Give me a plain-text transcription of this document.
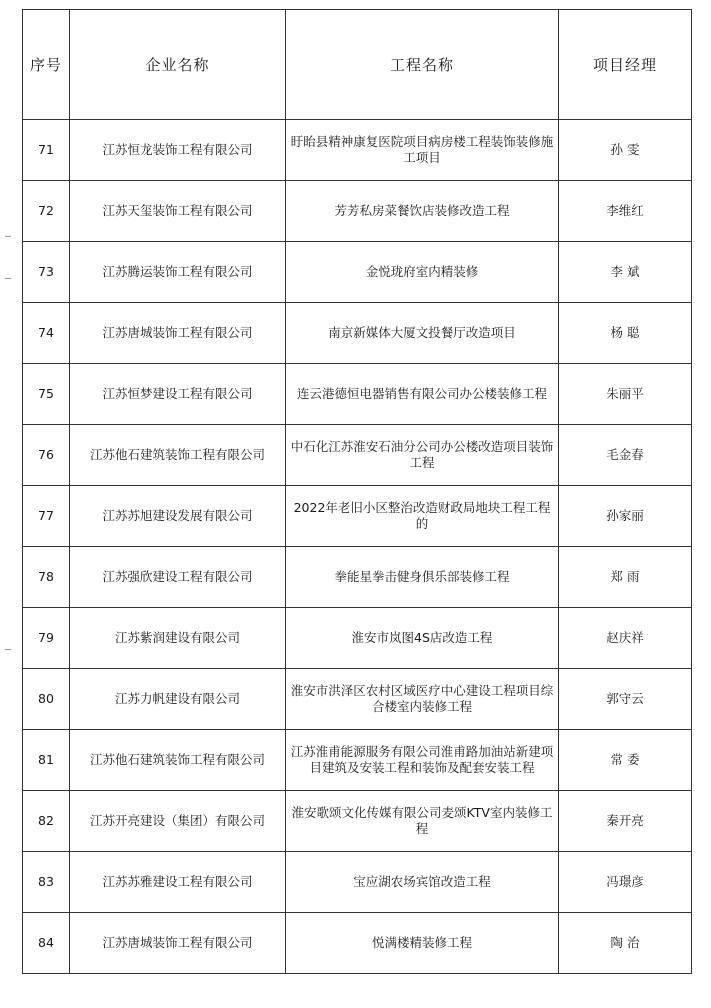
序号	企业名称	工程名称	项目经理
71	江苏恒龙装饰工程有限公司	盱眙县精神康复医院项目病房楼工程装饰装修施工项目	孙 雯
72	江苏天玺装饰工程有限公司	芳芳私房菜餐饮店装修改造工程	李维红
73	江苏腾运装饰工程有限公司	金悦珑府室内精装修	李 斌
74	江苏唐城装饰工程有限公司	南京新媒体大厦文投餐厅改造项目	杨 聪
75	江苏恒梦建设工程有限公司	连云港德恒电器销售有限公司办公楼装修工程	朱丽平
76	江苏他石建筑装饰工程有限公司	中石化江苏淮安石油分公司办公楼改造项目装饰工程	毛金春
77	江苏苏旭建设发展有限公司	2022年老旧小区整治改造财政局地块工程工程的	孙家丽
78	江苏强欣建设工程有限公司	拳能星拳击健身俱乐部装修工程	郑 雨
79	江苏紫润建设有限公司	淮安市岚图4S店改造工程	赵庆祥
80	江苏力帆建设有限公司	淮安市洪泽区农村区域医疗中心建设工程项目综合楼室内装修工程	郭守云
81	江苏他石建筑装饰工程有限公司	江苏淮甫能源服务有限公司淮甫路加油站新建项目建筑及安装工程和装饰及配套安装工程	常 委
82	江苏开亮建设（集团）有限公司	淮安歌颂文化传媒有限公司麦颂KTV室内装修工程	秦开亮
83	江苏苏雅建设工程有限公司	宝应湖农场宾馆改造工程	冯璟彦
84	江苏唐城装饰工程有限公司	悦满楼精装修工程	陶 治
